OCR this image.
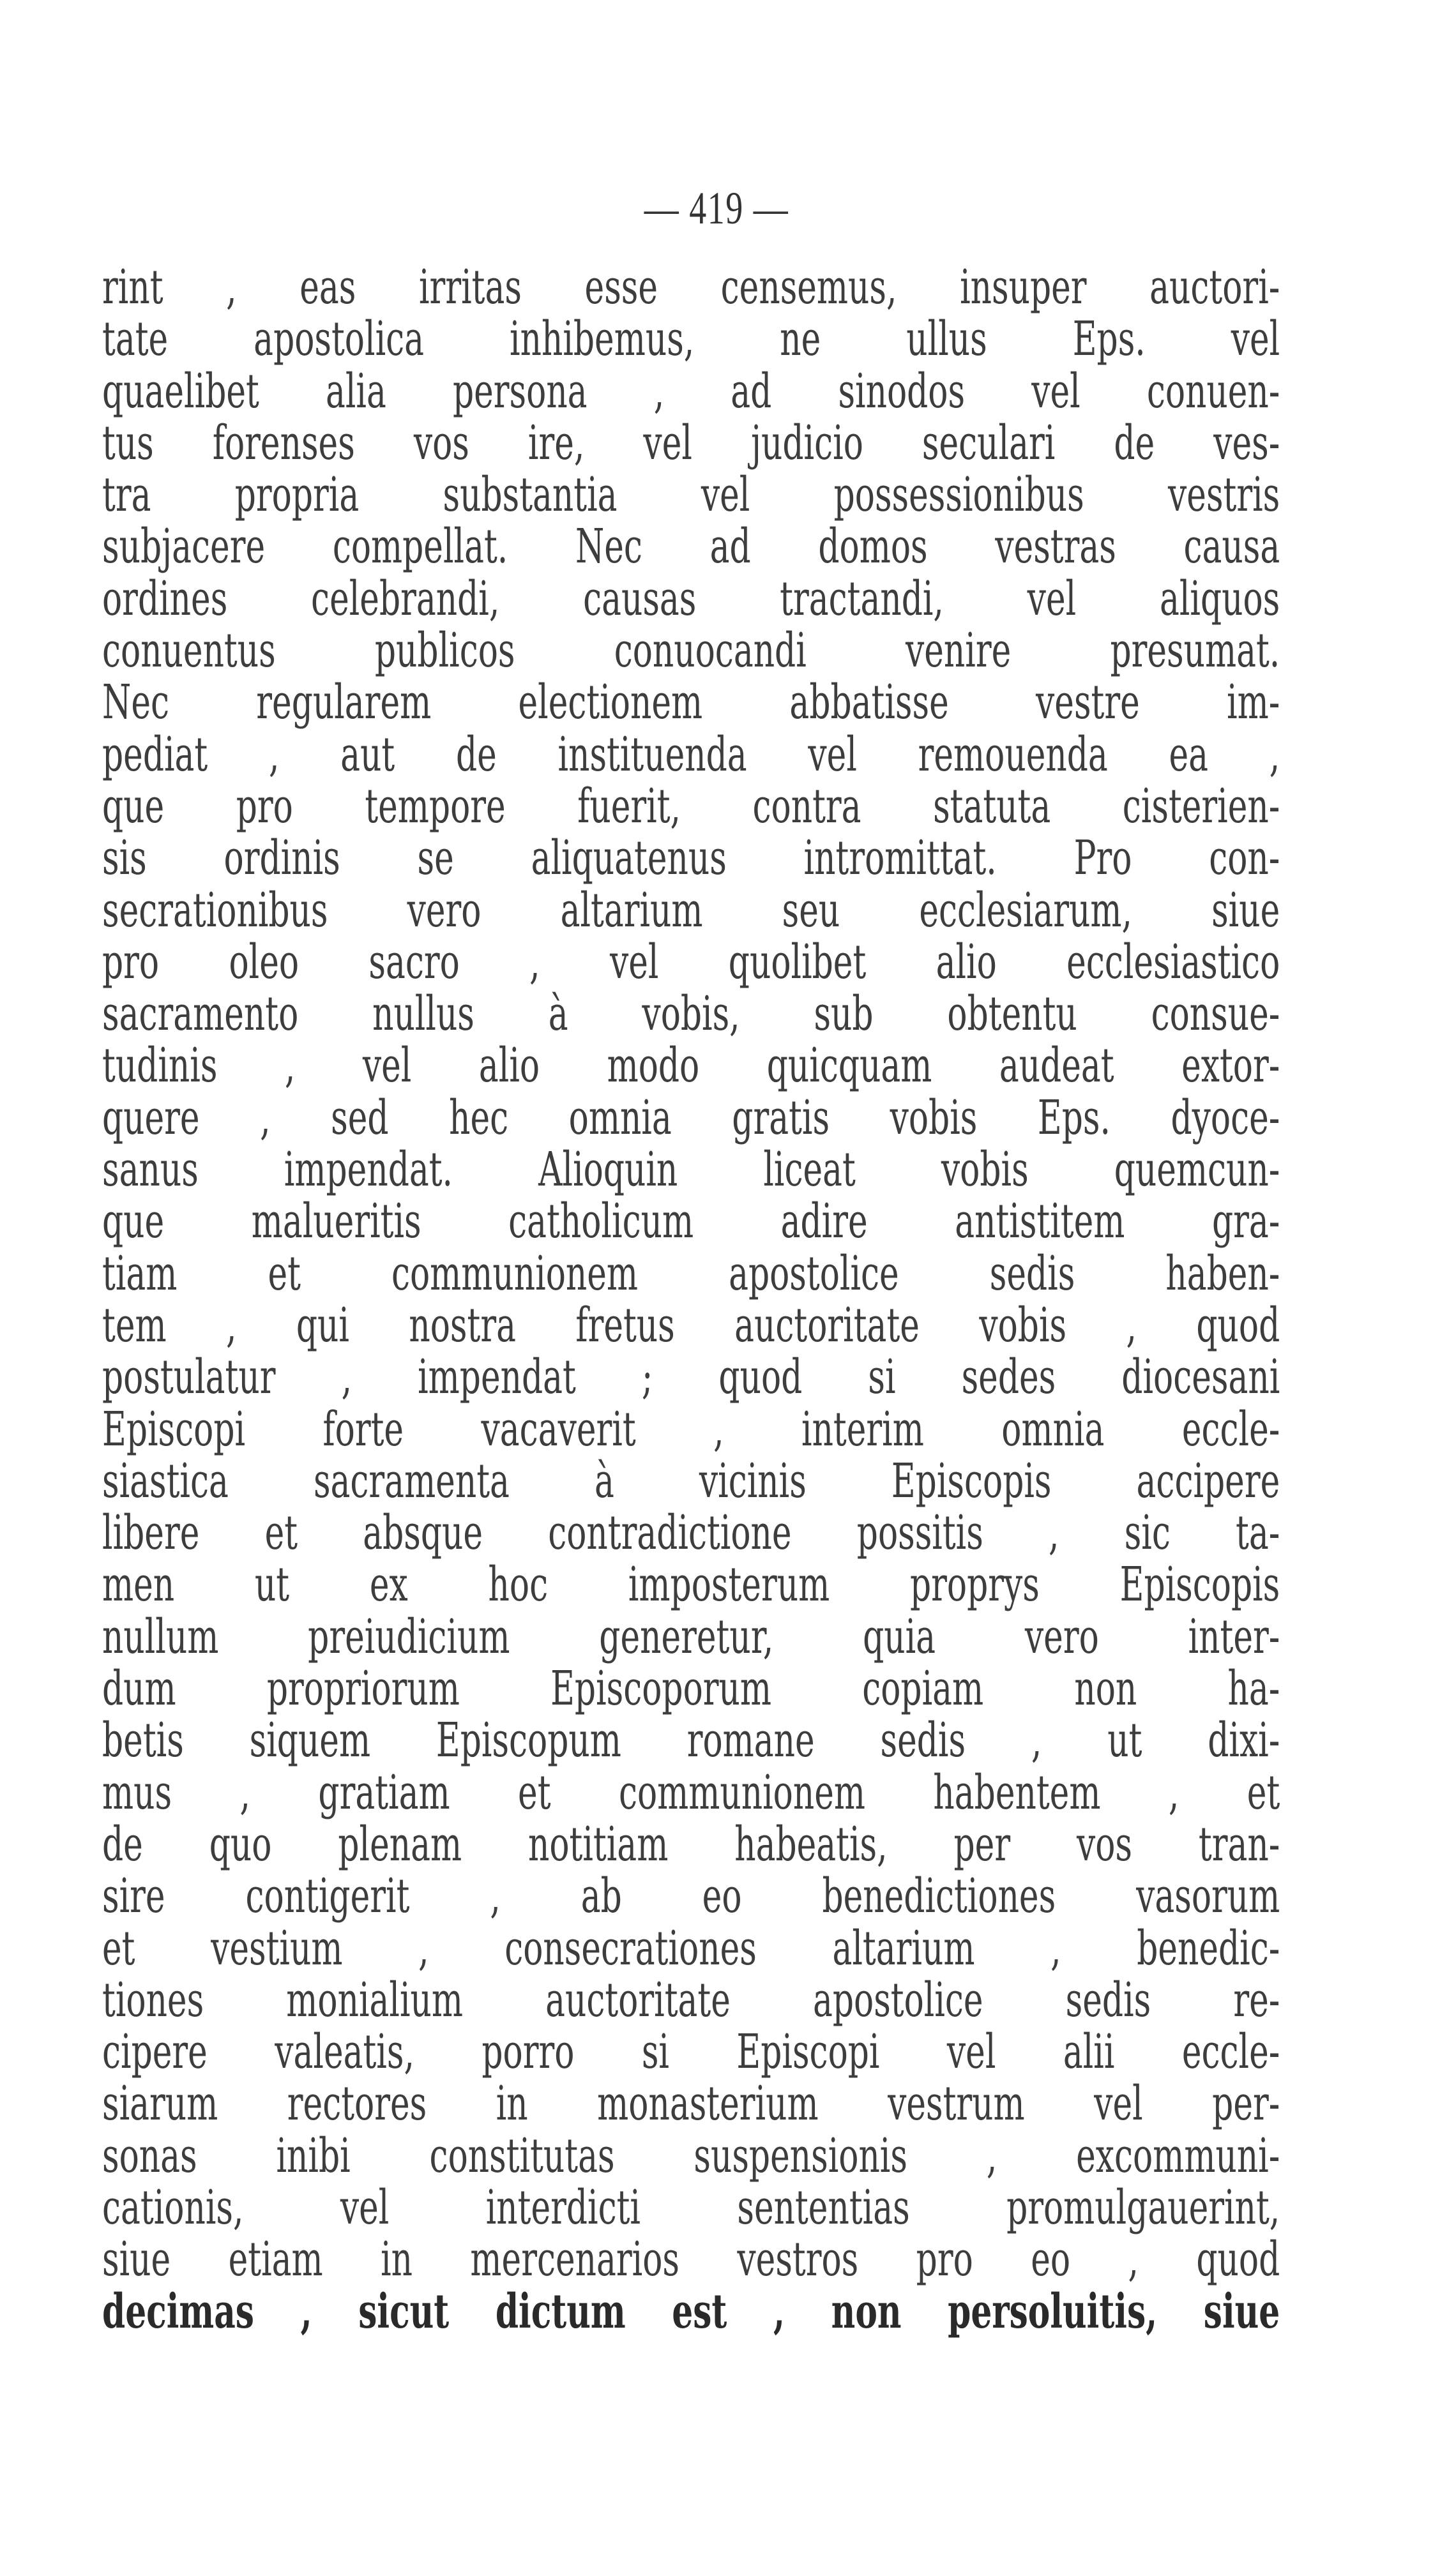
— 419 —
rint , eas irritas esse censemus, insuper auctori-
tate apostolica inhibemus, ne ullus Eps. vel
quaelibet alia persona , ad sinodos vel conuen-
tus forenses vos ire, vel judicio seculari de ves-
tra propria substantia vel possessionibus vestris
subjacere compellat. Nec ad domos vestras causa
ordines celebrandi, causas tractandi, vel aliquos
conuentus publicos conuocandi venire presumat.
Nec regularem electionem abbatisse vestre im-
pediat , aut de instituenda vel remouenda ea ,
que pro tempore fuerit, contra statuta cisterien-
sis ordinis se aliquatenus intromittat. Pro con-
secrationibus vero altarium seu ecclesiarum, siue
pro oleo sacro , vel quolibet alio ecclesiastico
sacramento nullus à vobis, sub obtentu consue-
tudinis , vel alio modo quicquam audeat extor-
quere , sed hec omnia gratis vobis Eps. dyoce-
sanus impendat. Alioquin liceat vobis quemcun-
que malueritis catholicum adire antistitem gra-
tiam et communionem apostolice sedis haben-
tem , qui nostra fretus auctoritate vobis , quod
postulatur , impendat ; quod si sedes diocesani
Episcopi forte vacaverit , interim omnia eccle-
siastica sacramenta à vicinis Episcopis accipere
libere et absque contradictione possitis , sic ta-
men ut ex hoc imposterum proprys Episcopis
nullum preiudicium generetur, quia vero inter-
dum propriorum Episcoporum copiam non ha-
betis siquem Episcopum romane sedis , ut dixi-
mus , gratiam et communionem habentem , et
de quo plenam notitiam habeatis, per vos tran-
sire contigerit , ab eo benedictiones vasorum
et vestium , consecrationes altarium , benedic-
tiones monialium auctoritate apostolice sedis re-
cipere valeatis, porro si Episcopi vel alii eccle-
siarum rectores in monasterium vestrum vel per-
sonas inibi constitutas suspensionis , excommuni-
cationis, vel interdicti sententias promulgauerint,
siue etiam in mercenarios vestros pro eo , quod
decimas , sicut dictum est , non persoluitis, siue
